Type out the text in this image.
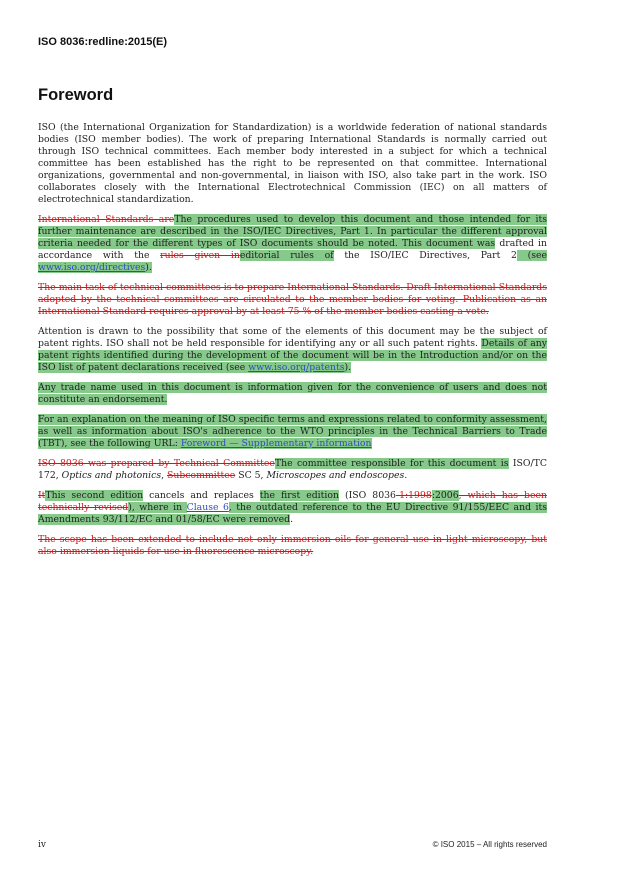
ISO 8036:redline:2015(E)
Foreword

ISO (the International Organization for Standardization) is a worldwide federation of national standards bodies (ISO member bodies). The work of preparing International Standards is normally carried out through ISO technical committees. Each member body interested in a subject for which a technical committee has been established has the right to be represented on that committee. International organizations, governmental and non-governmental, in liaison with ISO, also take part in the work. ISO collaborates closely with the International Electrotechnical Commission (IEC) on all matters of electrotechnical standardization.

International Standards areThe procedures used to develop this document and those intended for its further maintenance are described in the ISO/IEC Directives, Part 1. In particular the different approval criteria needed for the different types of ISO documents should be noted. This document was drafted in accordance with the rules given ineditorial rules of the ISO/IEC Directives, Part 2 (see www.iso.org/directives).

The main task of technical committees is to prepare International Standards. Draft International Standards adopted by the technical committees are circulated to the member bodies for voting. Publication as an International Standard requires approval by at least 75 % of the member bodies casting a vote.

Attention is drawn to the possibility that some of the elements of this document may be the subject of patent rights. ISO shall not be held responsible for identifying any or all such patent rights. Details of any patent rights identified during the development of the document will be in the Introduction and/or on the ISO list of patent declarations received (see www.iso.org/patents).

Any trade name used in this document is information given for the convenience of users and does not constitute an endorsement.

For an explanation on the meaning of ISO specific terms and expressions related to conformity assessment, as well as information about ISO's adherence to the WTO principles in the Technical Barriers to Trade (TBT), see the following URL: Foreword — Supplementary information

ISO 8036 was prepared by Technical CommitteeThe committee responsible for this document is ISO/TC 172, Optics and photonics, Subcommittee SC 5, Microscopes and endoscopes.

ItThis second edition cancels and replaces the first edition (ISO 8036-1:1998:2006, which has been technically revised), where in Clause 6, the outdated reference to the EU Directive 91/155/EEC and its Amendments 93/112/EC and 01/58/EC were removed.

The scope has been extended to include not only immersion oils for general use in light microscopy, but also immersion liquids for use in fluorescence microscopy.

iv	© ISO 2015 – All rights reserved
